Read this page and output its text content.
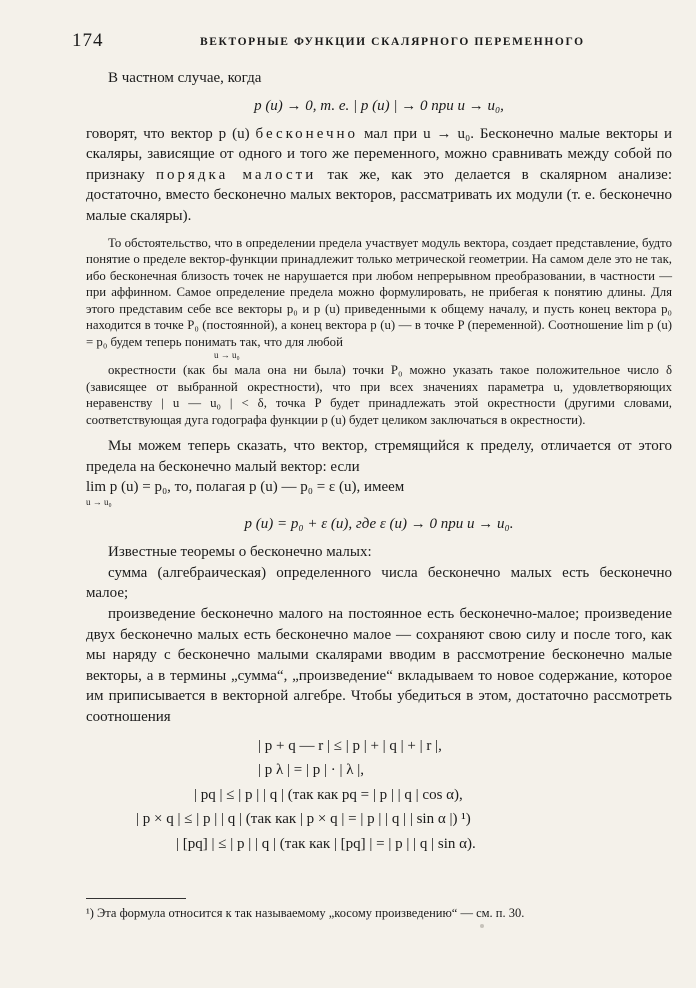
174	ВЕКТОРНЫЕ ФУНКЦИИ СКАЛЯРНОГО ПЕРЕМЕННОГО

В частном случае, когда

p (u) → 0, т. е. | p (u) | → 0 при u → u₀,

говорят, что вектор p (u) бесконечно мал при u → u₀. Бесконечно малые векторы и скаляры, зависящие от одного и того же переменного, можно сравнивать между собой по признаку порядка малости так же, как это делается в скалярном анализе: достаточно, вместо бесконечно малых векторов, рассматривать их модули (т. е. бесконечно малые скаляры).

То обстоятельство, что в определении предела участвует модуль вектора, создает представление, будто понятие о пределе вектор-функции принадлежит только метрической геометрии. На самом деле это не так, ибо бесконечная близость точек не нарушается при любом непрерывном преобразовании, в частности — при аффинном. Самое определение предела можно формулировать, не прибегая к понятию длины. Для этого представим себе все векторы p₀ и p (u) приведенными к общему началу, и пусть конец вектора p₀ находится в точке P₀ (постоянной), а конец вектора p (u) — в точке P (переменной). Соотношение lim p (u) = p₀ будем теперь понимать так, что для любой

u → u₀

окрестности (как бы мала она ни была) точки P₀ можно указать такое положительное число δ (зависящее от выбранной окрестности), что при всех значениях параметра u, удовлетворяющих неравенству | u — u₀ | < δ, точка P будет принадлежать этой окрестности (другими словами, соответствующая дуга годографа функции p (u) будет целиком заключаться в окрестности).

Мы можем теперь сказать, что вектор, стремящийся к пределу, отличается от этого предела на бесконечно малый вектор: если

lim p (u) = p₀, то, полагая p (u) — p₀ = ε (u), имеем

u → u₀
p (u) = p₀ + ε (u), где ε (u) → 0 при u → u₀.

Известные теоремы о бесконечно малых:

сумма (алгебраическая) определенного числа бесконечно малых есть бесконечно малое;

произведение бесконечно малого на постоянное есть бесконечно-малое; произведение двух бесконечно малых есть бесконечно малое — сохраняют свою силу и после того, как мы наряду с бесконечно малыми скалярами вводим в рассмотрение бесконечно малые векторы, а в термины „сумма“, „произведение“ вкладываем то новое содержание, которое им приписывается в векторной алгебре. Чтобы убедиться в этом, достаточно рассмотреть соотношения

| p + q — r | ≤ | p | + | q | + | r |,
| p λ | = | p | · | λ |,
| pq | ≤ | p | | q | (так как pq = | p | | q | cos α),
| p × q | ≤ | p | | q | (так как | p × q | = | p | | q | | sin α |) ¹)
| [pq] | ≤ | p | | q | (так как | [pq] | = | p | | q | sin α).
¹) Эта формула относится к так называемому „косому произведению“ — см. п. 30.
